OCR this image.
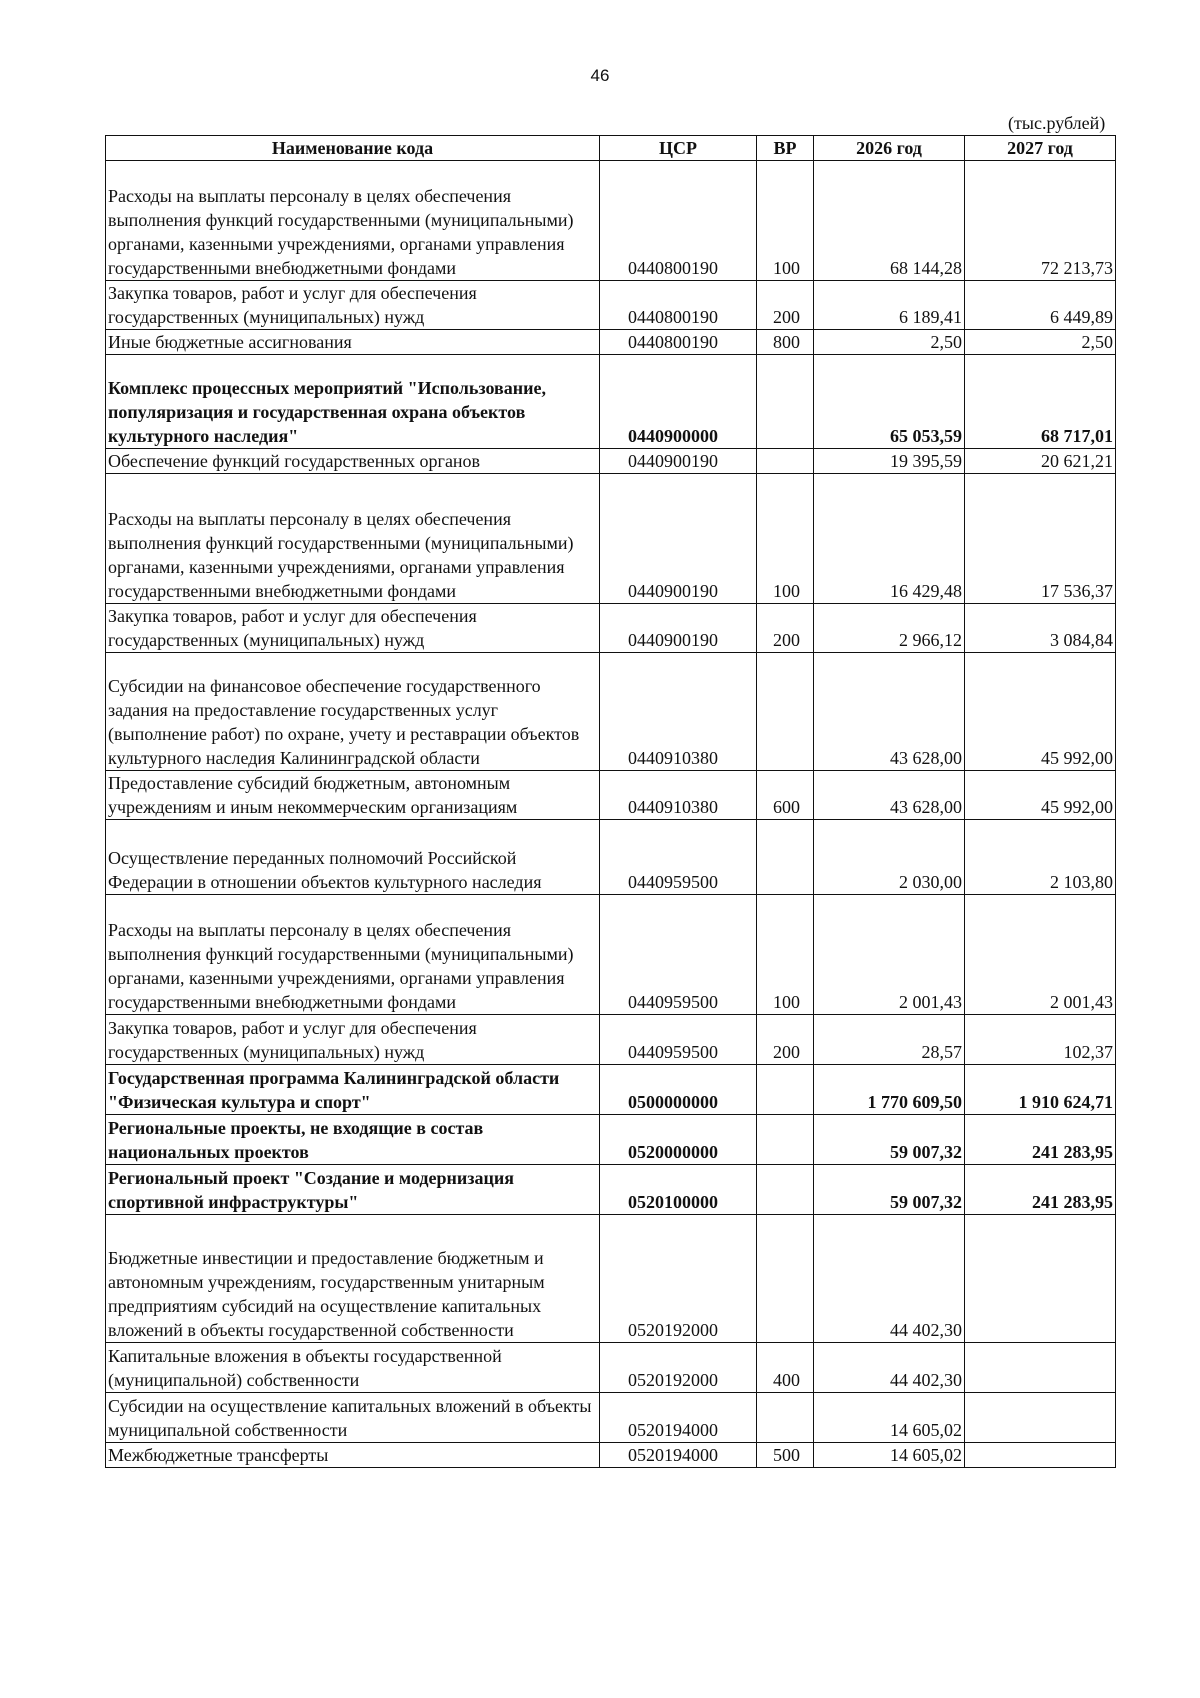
46
(тыс.рублей)
Наименование кода	ЦСР	ВР	2026 год	2027 год
Расходы на выплаты персоналу в целях обеспечения выполнения функций государственными (муниципальными) органами, казенными учреждениями, органами управления государственными внебюджетными фондами	0440800190	100	68 144,28	72 213,73
Закупка товаров, работ и услуг для обеспечения государственных (муниципальных) нужд	0440800190	200	6 189,41	6 449,89
Иные бюджетные ассигнования	0440800190	800	2,50	2,50
Комплекс процессных мероприятий "Использование, популяризация и государственная охрана объектов культурного наследия"	0440900000		65 053,59	68 717,01
Обеспечение функций государственных органов	0440900190		19 395,59	20 621,21
Расходы на выплаты персоналу в целях обеспечения выполнения функций государственными (муниципальными) органами, казенными учреждениями, органами управления государственными внебюджетными фондами	0440900190	100	16 429,48	17 536,37
Закупка товаров, работ и услуг для обеспечения государственных (муниципальных) нужд	0440900190	200	2 966,12	3 084,84
Субсидии на финансовое обеспечение государственного задания на предоставление государственных услуг (выполнение работ) по охране, учету и реставрации объектов культурного наследия Калининградской области	0440910380		43 628,00	45 992,00
Предоставление субсидий бюджетным, автономным учреждениям и иным некоммерческим организациям	0440910380	600	43 628,00	45 992,00
Осуществление переданных полномочий Российской Федерации в отношении объектов культурного наследия	0440959500		2 030,00	2 103,80
Расходы на выплаты персоналу в целях обеспечения выполнения функций государственными (муниципальными) органами, казенными учреждениями, органами управления государственными внебюджетными фондами	0440959500	100	2 001,43	2 001,43
Закупка товаров, работ и услуг для обеспечения государственных (муниципальных) нужд	0440959500	200	28,57	102,37
Государственная программа Калининградской области "Физическая культура и спорт"	0500000000		1 770 609,50	1 910 624,71
Региональные проекты, не входящие в состав национальных проектов	0520000000		59 007,32	241 283,95
Региональный проект "Создание и модернизация спортивной инфраструктуры"	0520100000		59 007,32	241 283,95
Бюджетные инвестиции и предоставление бюджетным и автономным учреждениям, государственным унитарным предприятиям субсидий на осуществление капитальных вложений в объекты государственной собственности	0520192000		44 402,30	
Капитальные вложения в объекты государственной (муниципальной) собственности	0520192000	400	44 402,30	
Субсидии на осуществление капитальных вложений в объекты муниципальной собственности	0520194000		14 605,02	
Межбюджетные трансферты	0520194000	500	14 605,02	
